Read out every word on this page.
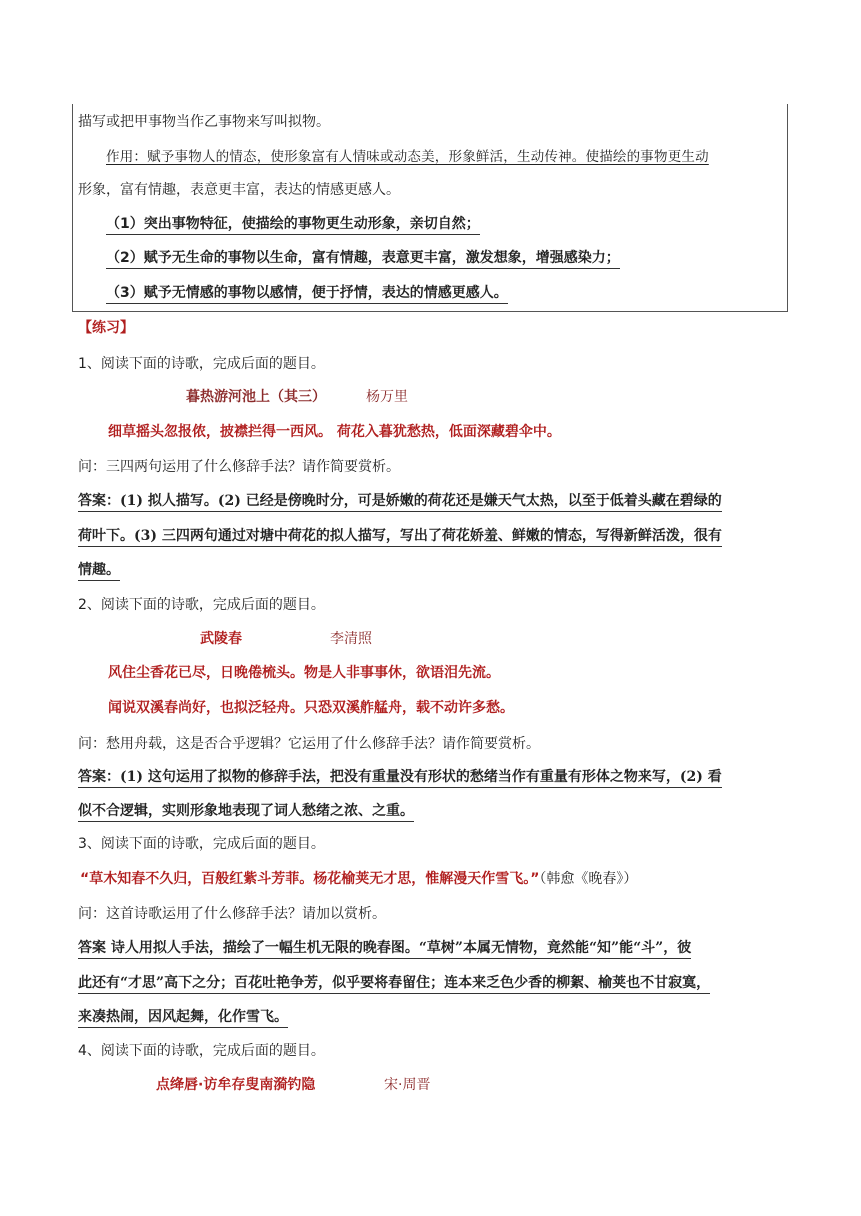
描写或把甲事物当作乙事物来写叫拟物。
作用：赋予事物人的情态，使形象富有人情味或动态美，形象鲜活，生动传神。使描绘的事物更生动
形象，富有情趣，表意更丰富，表达的情感更感人。
（1）突出事物特征，使描绘的事物更生动形象，亲切自然；
（2）赋予无生命的事物以生命，富有情趣，表意更丰富，激发想象，增强感染力；
（3）赋予无情感的事物以感情，便于抒情，表达的情感更感人。
【练习】
1、阅读下面的诗歌，完成后面的题目。
暮热游河池上（其三）	杨万里
细草摇头忽报侬，披襟拦得一西风。 荷花入暮犹愁热，低面深藏碧伞中。
问：三四两句运用了什么修辞手法？请作简要赏析。
答案：(1) 拟人描写。(2) 已经是傍晚时分，可是娇嫩的荷花还是嫌天气太热，以至于低着头藏在碧绿的
荷叶下。(3) 三四两句通过对塘中荷花的拟人描写，写出了荷花娇羞、鲜嫩的情态，写得新鲜活泼，很有
情趣。
2、阅读下面的诗歌，完成后面的题目。
武陵春	李清照
风住尘香花已尽，日晚倦梳头。物是人非事事休，欲语泪先流。
闻说双溪春尚好，也拟泛轻舟。只恐双溪舴艋舟，载不动许多愁。
问：愁用舟载，这是否合乎逻辑？它运用了什么修辞手法？请作简要赏析。
答案：(1) 这句运用了拟物的修辞手法，把没有重量没有形状的愁绪当作有重量有形体之物来写，(2) 看
似不合逻辑，实则形象地表现了词人愁绪之浓、之重。
3、阅读下面的诗歌，完成后面的题目。
“草木知春不久归，百般红紫斗芳菲。杨花榆荚无才思，惟解漫天作雪飞。”（韩愈《晚春》）
问：这首诗歌运用了什么修辞手法？请加以赏析。
答案 诗人用拟人手法，描绘了一幅生机无限的晚春图。“草树”本属无情物，竟然能“知”能“斗”，彼
此还有“才思”高下之分；百花吐艳争芳，似乎要将春留住；连本来乏色少香的柳絮、榆荚也不甘寂寞，
来凑热闹，因风起舞，化作雪飞。
4、阅读下面的诗歌，完成后面的题目。
点绛唇·访牟存叟南漪钓隐	宋·周晋
